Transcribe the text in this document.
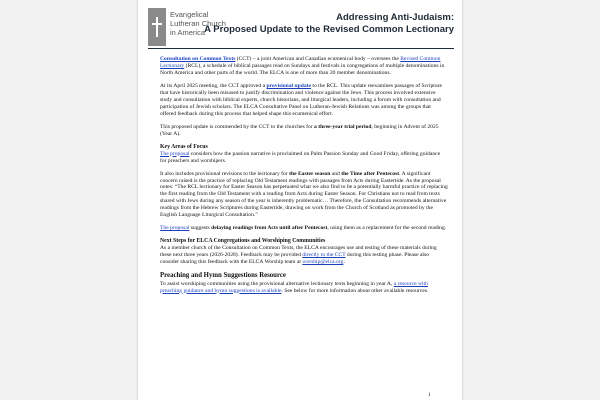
Evangelical
Lutheran Church
in America
Addressing Anti-Judaism:
A Proposed Update to the Revised Common Lectionary

Consultation on Common Texts (CCT) – a joint American and Canadian ecumenical body – oversees the Revised Common Lectionary (RCL), a schedule of biblical passages read on Sundays and festivals in congregations of multiple denominations in North America and other parts of the world. The ELCA is one of more than 20 member denominations.

At its April 2025 meeting, the CCT approved a provisional update to the RCL. This update reexamines passages of Scripture that have historically been misused to justify discrimination and violence against the Jews. This process involved extensive study and consultation with biblical experts, church historians, and liturgical leaders, including a forum with consultation and participation of Jewish scholars. The ELCA Consultative Panel on Lutheran-Jewish Relations was among the groups that offered feedback during this process that helped shape this ecumenical effort.

This proposed update is commended by the CCT to the churches for a three-year trial period, beginning in Advent of 2025 (Year A).

Key Areas of Focus

The proposal considers how the passion narrative is proclaimed on Palm Passion Sunday and Good Friday, offering guidance for preachers and worshipers.

It also includes provisional revisions to the lectionary for the Easter season and the Time after Pentecost. A significant concern raised is the practice of replacing Old Testament readings with passages from Acts during Eastertide. As the proposal notes: “The RCL lectionary for Easter Season has perpetuated what we also find to be a potentially harmful practice of replacing the first reading from the Old Testament with a reading from Acts during Easter Season. For Christians not to read from texts shared with Jews during any season of the year is inherently problematic… Therefore, the Consultation recommends alternative readings from the Hebrew Scriptures during Eastertide, drawing on work from the Church of Scotland as promoted by the English Language Liturgical Consultation.”

The proposal suggests delaying readings from Acts until after Pentecost, using them as a replacement for the second reading.

Next Steps for ELCA Congregations and Worshiping Communities

As a member church of the Consultation on Common Texts, the ELCA encourages use and testing of these materials during these next three years (2026-2028). Feedback may be provided directly to the CCT during this testing phase. Please also consider sharing this feedback with the ELCA Worship team at worship@elca.org.

Preaching and Hymn Suggestions Resource

To assist worshiping communities using the provisional alternative lectionary texts beginning in year A, a resource with preaching guidance and hymn suggestions is available. See below for more information about other available resources.

1
